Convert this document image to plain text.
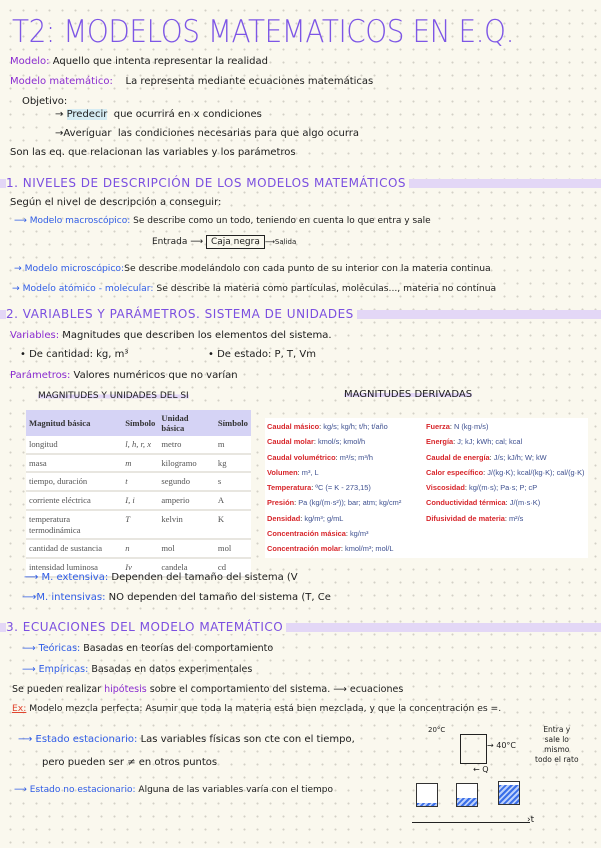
T2: MODELOS MATEMATICOS EN E.Q.
Modelo: Aquello que intenta representar la realidad
Modelo matemático: La representa mediante ecuaciones matemáticas
Objetivo:
→ Predecir que ocurrirá en x condiciones
→Averiguar las condiciones necesarias para que algo ocurra
Son las eq. que relacionan las variables y los parámetros
1. NIVELES DE DESCRIPCIÓN DE LOS MODELOS MATEMÁTICOS
Según el nivel de descripción a conseguir:
⟶ Modelo macroscópico: Se describe como un todo, teniendo en cuenta lo que entra y sale
Entrada ⟶ Caja negra ⟶Salida
→ Modelo microscópico:Se describe modelándolo con cada punto de su interior con la materia continua
→ Modelo atómico - molecular: Se describe la materia como partículas, moléculas..., materia no continua
2. VARIABLES Y PARÁMETROS. SISTEMA DE UNIDADES
Variables: Magnitudes que describen los elementos del sistema.
• De cantidad: kg, m³	• De estado: P, T, Vm
Parámetros: Valores numéricos que no varían
MAGNITUDES Y UNIDADES DEL SI	MAGNITUDES DERIVADAS
Magnitud básica	Símbolo	Unidad básica	Símbolo
longitud	l, h, r, x	metro	m
masa	m	kilogramo	kg
tiempo, duración	t	segundo	s
corriente eléctrica	I, i	amperio	A
temperatura termodinámica	T	kelvin	K
cantidad de sustancia	n	mol	mol
intensidad luminosa	Iv	candela	cd
Caudal másico: kg/s; kg/h; t/h; t/año
Caudal molar: kmol/s; kmol/h
Caudal volumétrico: m³/s; m³/h
Volumen: m³, L
Temperatura: ºC (= K - 273,15)
Presión: Pa (kg/(m·s²)); bar; atm; kg/cm²
Densidad: kg/m³; g/mL
Concentración másica: kg/m³
Concentración molar: kmol/m³; mol/L
Fuerza: N (kg·m/s)
Energía: J; kJ; kWh; cal; kcal
Caudal de energía: J/s; kJ/h; W; kW
Calor específico: J/(kg·K); kcal/(kg·K); cal/(g·K)
Viscosidad: kg/(m·s); Pa·s; P; cP
Conductividad térmica: J/(m·s·K)
Difusividad de materia: m²/s
⟶ M. extensiva: Dependen del tamaño del sistema (V
⟶M. intensivas: NO dependen del tamaño del sistema (T, Ce
3. ECUACIONES DEL MODELO MATEMÁTICO
⟶ Teóricas: Basadas en teorías del comportamiento
⟶ Empíricas: Basadas en datos experimentales
Se pueden realizar hipótesis sobre el comportamiento del sistema. ⟶ ecuaciones
Ex: Modelo mezcla perfecta: Asumir que toda la materia está bien mezclada, y que la concentración es =.
⟶ Estado estacionario: Las variables físicas son cte con el tiempo,
pero pueden ser ≠ en otros puntos
20°C
→ 40°C
← Q
Entra y
sale lo
mismo
todo el rato
⟶ Estado no estacionario: Alguna de las variables varía con el tiempo
›t
